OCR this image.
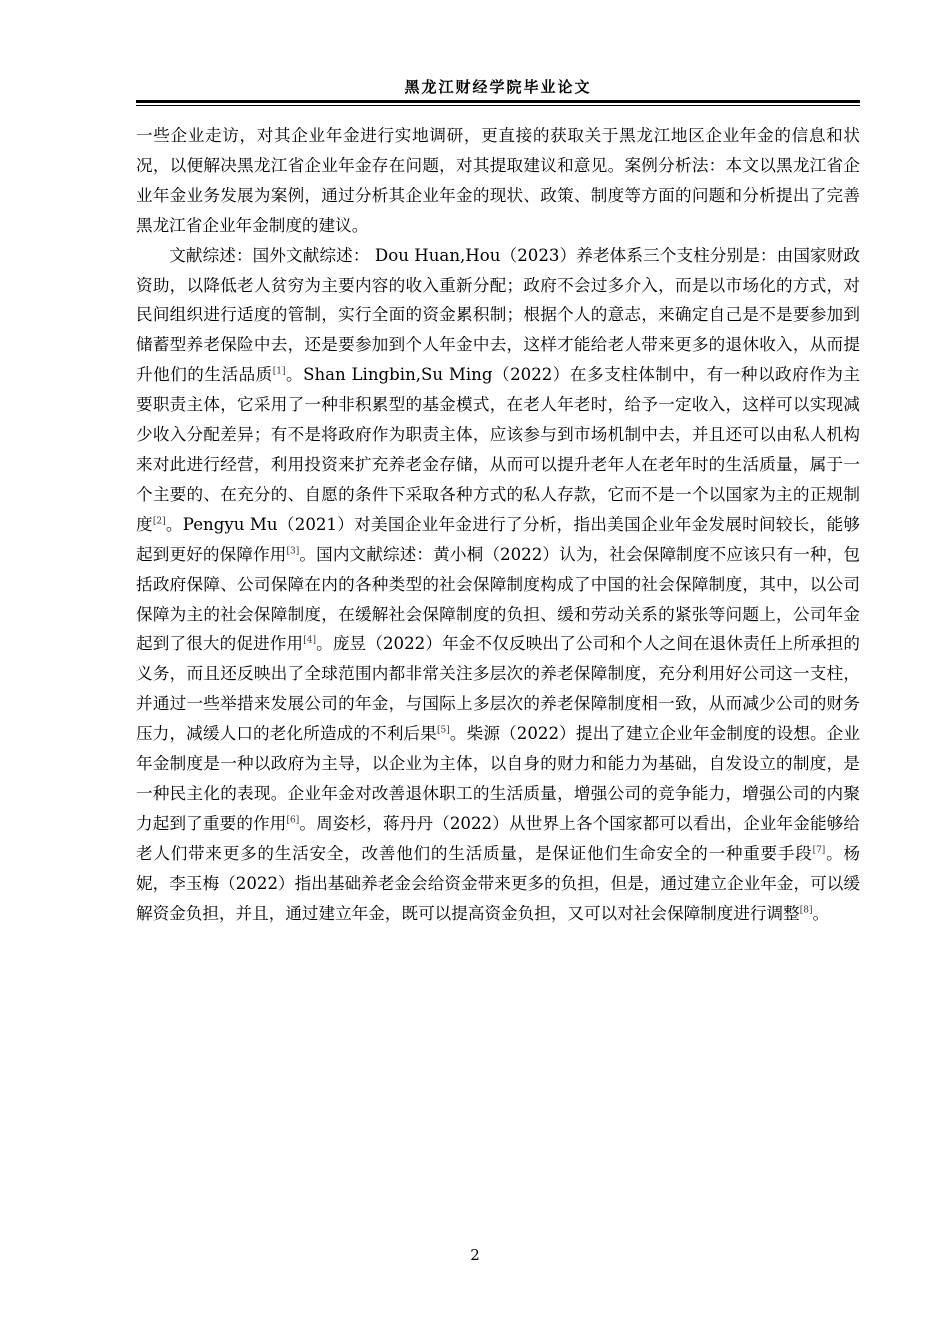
黑龙江财经学院毕业论文

一些企业走访，对其企业年金进行实地调研，更直接的获取关于黑龙江地区企业年金的信息和状况，以便解决黑龙江省企业年金存在问题，对其提取建议和意见。案例分析法：本文以黑龙江省企业年金业务发展为案例，通过分析其企业年金的现状、政策、制度等方面的问题和分析提出了完善黑龙江省企业年金制度的建议。

文献综述：国外文献综述： Dou Huan,Hou（2023）养老体系三个支柱分别是：由国家财政资助，以降低老人贫穷为主要内容的收入重新分配；政府不会过多介入，而是以市场化的方式，对民间组织进行适度的管制，实行全面的资金累积制；根据个人的意志，来确定自己是不是要参加到储蓄型养老保险中去，还是要参加到个人年金中去，这样才能给老人带来更多的退休收入，从而提升他们的生活品质[1]。Shan Lingbin,Su Ming（2022）在多支柱体制中，有一种以政府作为主要职责主体，它采用了一种非积累型的基金模式，在老人年老时，给予一定收入，这样可以实现减少收入分配差异；有不是将政府作为职责主体，应该参与到市场机制中去，并且还可以由私人机构来对此进行经营，利用投资来扩充养老金存储，从而可以提升老年人在老年时的生活质量，属于一个主要的、在充分的、自愿的条件下采取各种方式的私人存款，它而不是一个以国家为主的正规制度[2]。Pengyu Mu（2021）对美国企业年金进行了分析，指出美国企业年金发展时间较长，能够起到更好的保障作用[3]。国内文献综述：黄小桐（2022）认为，社会保障制度不应该只有一种，包括政府保障、公司保障在内的各种类型的社会保障制度构成了中国的社会保障制度，其中，以公司保障为主的社会保障制度，在缓解社会保障制度的负担、缓和劳动关系的紧张等问题上，公司年金起到了很大的促进作用[4]。庞昱（2022）年金不仅反映出了公司和个人之间在退休责任上所承担的义务，而且还反映出了全球范围内都非常关注多层次的养老保障制度，充分利用好公司这一支柱，并通过一些举措来发展公司的年金，与国际上多层次的养老保障制度相一致，从而减少公司的财务压力，减缓人口的老化所造成的不利后果[5]。柴源（2022）提出了建立企业年金制度的设想。企业年金制度是一种以政府为主导，以企业为主体，以自身的财力和能力为基础，自发设立的制度，是一种民主化的表现。企业年金对改善退休职工的生活质量，增强公司的竞争能力，增强公司的内聚力起到了重要的作用[6]。周姿杉，蒋丹丹（2022）从世界上各个国家都可以看出，企业年金能够给老人们带来更多的生活安全，改善他们的生活质量，是保证他们生命安全的一种重要手段[7]。杨妮，李玉梅（2022）指出基础养老金会给资金带来更多的负担，但是，通过建立企业年金，可以缓解资金负担，并且，通过建立年金，既可以提高资金负担，又可以对社会保障制度进行调整[8]。

2
